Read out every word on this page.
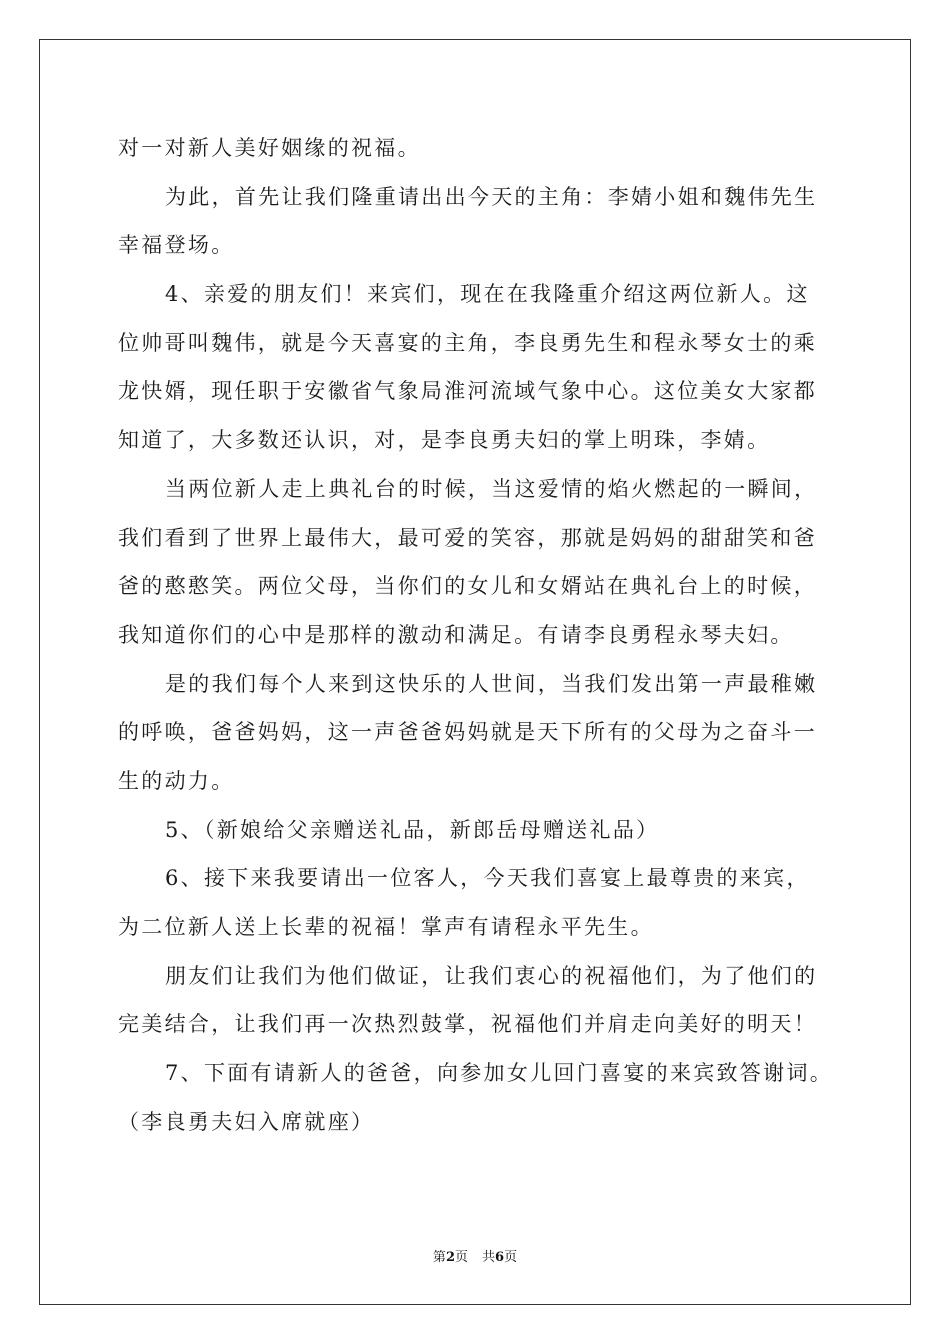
对一对新人美好姻缘的祝福。
为此，首先让我们隆重请出出今天的主角：李婧小姐和魏伟先生
幸福登场。
4、亲爱的朋友们！来宾们，现在在我隆重介绍这两位新人。这
位帅哥叫魏伟，就是今天喜宴的主角，李良勇先生和程永琴女士的乘
龙快婿，现任职于安徽省气象局淮河流域气象中心。这位美女大家都
知道了，大多数还认识，对，是李良勇夫妇的掌上明珠，李婧。
当两位新人走上典礼台的时候，当这爱情的焰火燃起的一瞬间，
我们看到了世界上最伟大，最可爱的笑容，那就是妈妈的甜甜笑和爸
爸的憨憨笑。两位父母，当你们的女儿和女婿站在典礼台上的时候，
我知道你们的心中是那样的激动和满足。有请李良勇程永琴夫妇。
是的我们每个人来到这快乐的人世间，当我们发出第一声最稚嫩
的呼唤，爸爸妈妈，这一声爸爸妈妈就是天下所有的父母为之奋斗一
生的动力。
5、（新娘给父亲赠送礼品，新郎岳母赠送礼品）
6、接下来我要请出一位客人，今天我们喜宴上最尊贵的来宾，
为二位新人送上长辈的祝福！掌声有请程永平先生。
朋友们让我们为他们做证，让我们衷心的祝福他们，为了他们的
完美结合，让我们再一次热烈鼓掌，祝福他们并肩走向美好的明天！
7、下面有请新人的爸爸，向参加女儿回门喜宴的来宾致答谢词。
（李良勇夫妇入席就座）
第2页 共6页
